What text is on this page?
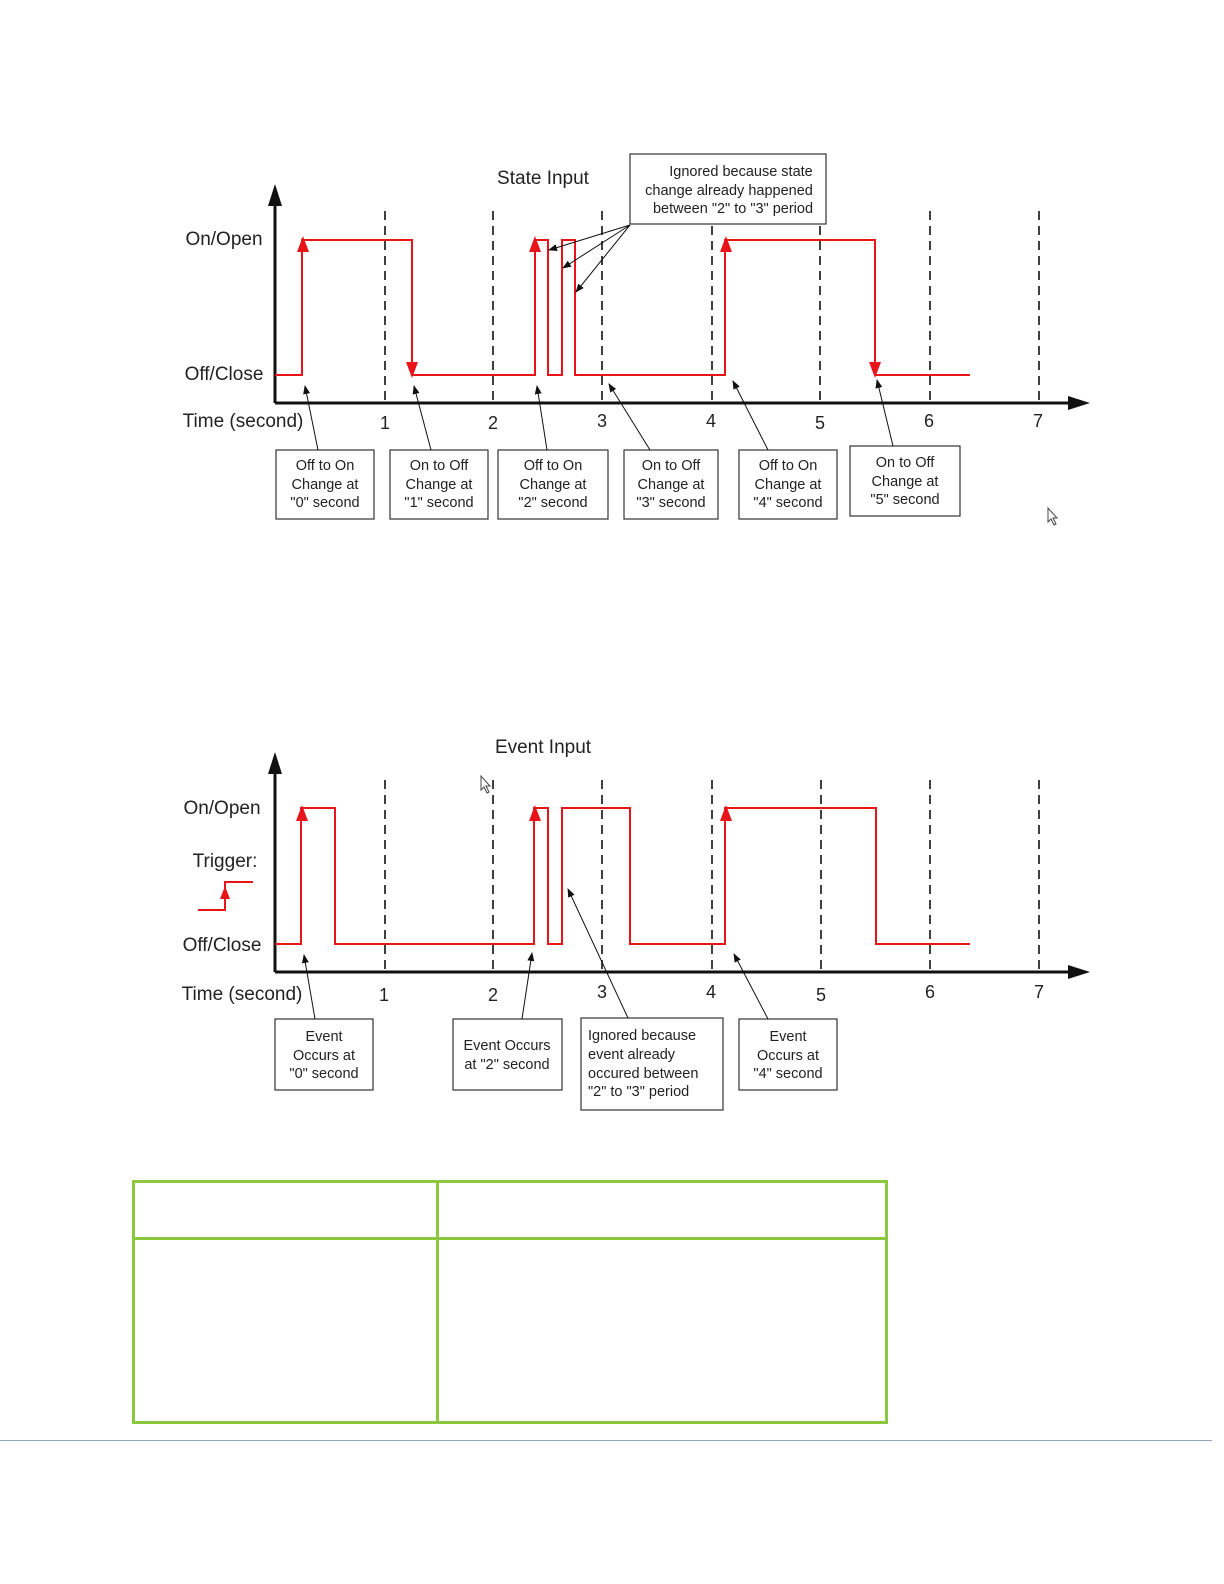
State Input
On/Open
Off/Close
Time (second)	1	2	3	4	5	6	7
Ignored because state
change already happened
between "2" to "3" period
Off to On
Change at
"0" second
On to Off
Change at
"1" second
Off to On
Change at
"2" second
On to Off
Change at
"3" second
Off to On
Change at
"4" second
On to Off
Change at
"5" second
Event Input
On/Open
Trigger:
Off/Close
Time (second)	1	2	3	4	5	6	7
Event
Occurs at
"0" second
Event Occurs
at "2" second
Ignored because
event already
occured between
"2" to "3" period
Event
Occurs at
"4" second
